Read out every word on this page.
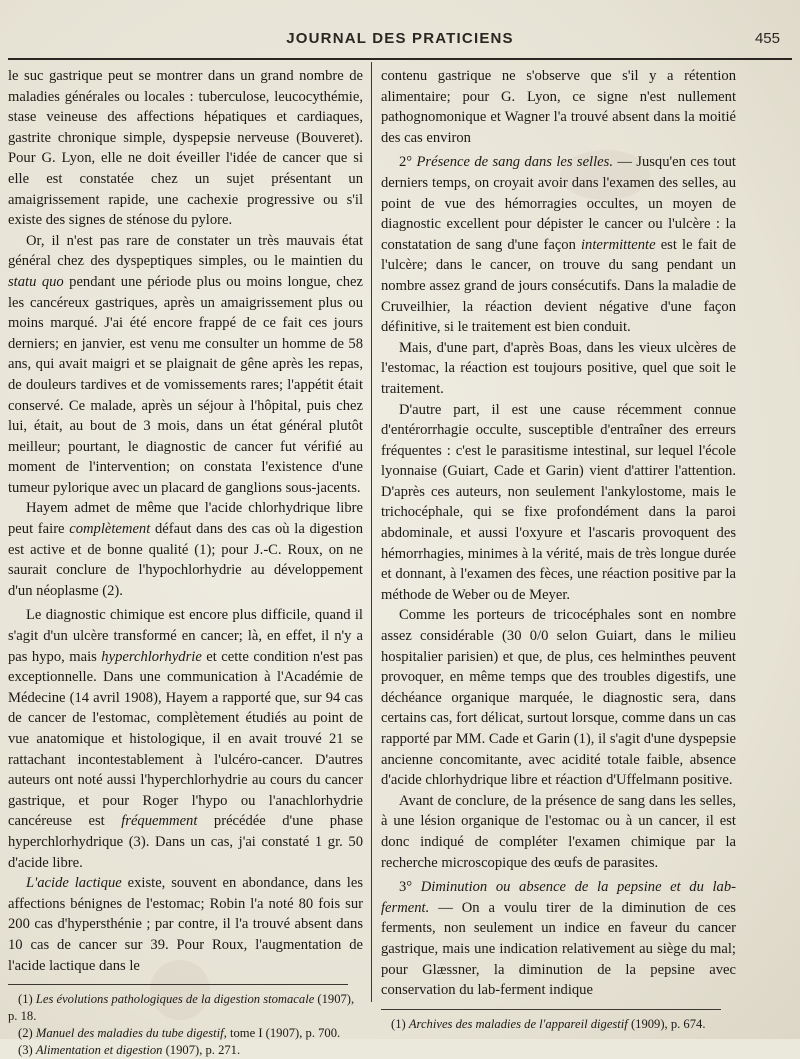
JOURNAL DES PRATICIENS	455

le suc gastrique peut se montrer dans un grand nombre de maladies générales ou locales : tuberculose, leucocythémie, stase veineuse des affections hépatiques et cardiaques, gastrite chronique simple, dyspepsie nerveuse (Bouveret). Pour G. Lyon, elle ne doit éveiller l'idée de cancer que si elle est constatée chez un sujet présentant un amaigrissement rapide, une cachexie progressive ou s'il existe des signes de sténose du pylore.

Or, il n'est pas rare de constater un très mauvais état général chez des dyspeptiques simples, ou le maintien du statu quo pendant une période plus ou moins longue, chez les cancéreux gastriques, après un amaigrissement plus ou moins marqué. J'ai été encore frappé de ce fait ces jours derniers; en janvier, est venu me consulter un homme de 58 ans, qui avait maigri et se plaignait de gêne après les repas, de douleurs tardives et de vomissements rares; l'appétit était conservé. Ce malade, après un séjour à l'hôpital, puis chez lui, était, au bout de 3 mois, dans un état général plutôt meilleur; pourtant, le diagnostic de cancer fut vérifié au moment de l'intervention; on constata l'existence d'une tumeur pylorique avec un placard de ganglions sous-jacents.

Hayem admet de même que l'acide chlorhydrique libre peut faire complètement défaut dans des cas où la digestion est active et de bonne qualité (1); pour J.-C. Roux, on ne saurait conclure de l'hypochlorhydrie au développement d'un néoplasme (2).

Le diagnostic chimique est encore plus difficile, quand il s'agit d'un ulcère transformé en cancer; là, en effet, il n'y a pas hypo, mais hyperchlorhydrie et cette condition n'est pas exceptionnelle. Dans une communication à l'Académie de Médecine (14 avril 1908), Hayem a rapporté que, sur 94 cas de cancer de l'estomac, complètement étudiés au point de vue anatomique et histologique, il en avait trouvé 21 se rattachant incontestablement à l'ulcéro-cancer. D'autres auteurs ont noté aussi l'hyperchlorhydrie au cours du cancer gastrique, et pour Roger l'hypo ou l'anachlorhydrie cancéreuse est fréquemment précédée d'une phase hyperchlorhydrique (3). Dans un cas, j'ai constaté 1 gr. 50 d'acide libre.

L'acide lactique existe, souvent en abondance, dans les affections bénignes de l'estomac; Robin l'a noté 80 fois sur 200 cas d'hypersthénie ; par contre, il l'a trouvé absent dans 10 cas de cancer sur 39. Pour Roux, l'augmentation de l'acide lactique dans le

(1) Les évolutions pathologiques de la digestion stomacale (1907), p. 18.

(2) Manuel des maladies du tube digestif, tome I (1907), p. 700.

(3) Alimentation et digestion (1907), p. 271.

contenu gastrique ne s'observe que s'il y a rétention alimentaire; pour G. Lyon, ce signe n'est nullement pathognomonique et Wagner l'a trouvé absent dans la moitié des cas environ

2° Présence de sang dans les selles. — Jusqu'en ces tout derniers temps, on croyait avoir dans l'examen des selles, au point de vue des hémorragies occultes, un moyen de diagnostic excellent pour dépister le cancer ou l'ulcère : la constatation de sang d'une façon intermittente est le fait de l'ulcère; dans le cancer, on trouve du sang pendant un nombre assez grand de jours consécutifs. Dans la maladie de Cruveilhier, la réaction devient négative d'une façon définitive, si le traitement est bien conduit.

Mais, d'une part, d'après Boas, dans les vieux ulcères de l'estomac, la réaction est toujours positive, quel que soit le traitement.

D'autre part, il est une cause récemment connue d'entérorrhagie occulte, susceptible d'entraîner des erreurs fréquentes : c'est le parasitisme intestinal, sur lequel l'école lyonnaise (Guiart, Cade et Garin) vient d'attirer l'attention. D'après ces auteurs, non seulement l'ankylostome, mais le trichocéphale, qui se fixe profondément dans la paroi abdominale, et aussi l'oxyure et l'ascaris provoquent des hémorrhagies, minimes à la vérité, mais de très longue durée et donnant, à l'examen des fèces, une réaction positive par la méthode de Weber ou de Meyer.

Comme les porteurs de tricocéphales sont en nombre assez considérable (30 0/0 selon Guiart, dans le milieu hospitalier parisien) et que, de plus, ces helminthes peuvent provoquer, en même temps que des troubles digestifs, une déchéance organique marquée, le diagnostic sera, dans certains cas, fort délicat, surtout lorsque, comme dans un cas rapporté par MM. Cade et Garin (1), il s'agit d'une dyspepsie ancienne concomitante, avec acidité totale faible, absence d'acide chlorhydrique libre et réaction d'Uffelmann positive.

Avant de conclure, de la présence de sang dans les selles, à une lésion organique de l'estomac ou à un cancer, il est donc indiqué de compléter l'examen chimique par la recherche microscopique des œufs de parasites.

3° Diminution ou absence de la pepsine et du lab-ferment. — On a voulu tirer de la diminution de ces ferments, non seulement un indice en faveur du cancer gastrique, mais une indication relativement au siège du mal; pour Glæssner, la diminution de la pepsine avec conservation du lab-ferment indique

(1) Archives des maladies de l'appareil digestif (1909), p. 674.
